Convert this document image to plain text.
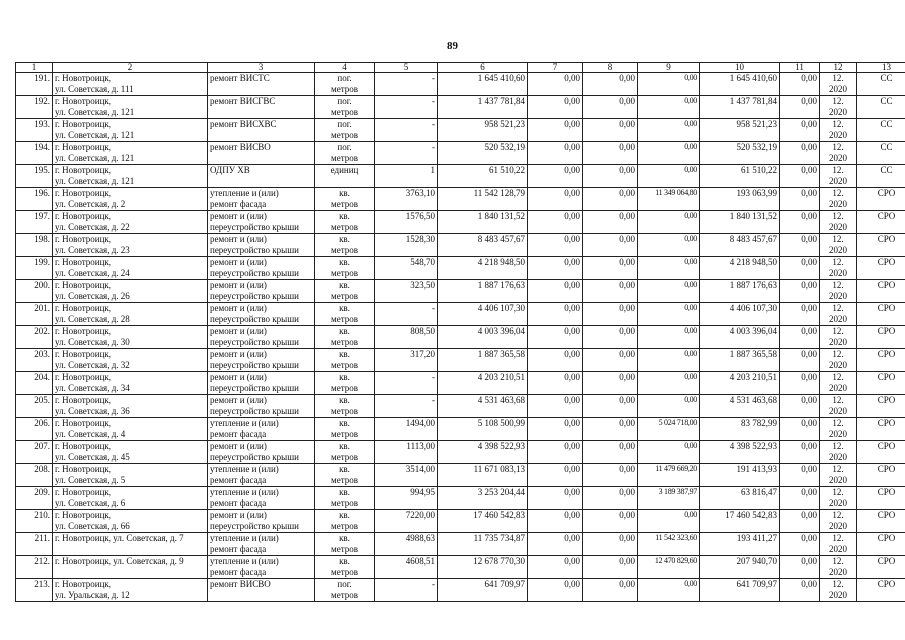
89
1	2	3	4	5	6	7	8	9	10	11	12	13
191.	г. Новотроицк,
ул. Советская, д. 111	ремонт ВИСТС	пог.
метров	-	1 645 410,60	0,00	0,00	0,00	1 645 410,60	0,00	12.
2020	СС
192.	г. Новотроицк,
ул. Советская, д. 121	ремонт ВИСГВС	пог.
метров	-	1 437 781,84	0,00	0,00	0,00	1 437 781,84	0,00	12.
2020	СС
193.	г. Новотроицк,
ул. Советская, д. 121	ремонт ВИСХВС	пог.
метров	-	958 521,23	0,00	0,00	0,00	958 521,23	0,00	12.
2020	СС
194.	г. Новотроицк,
ул. Советская, д. 121	ремонт ВИСВО	пог.
метров	-	520 532,19	0,00	0,00	0,00	520 532,19	0,00	12.
2020	СС
195.	г. Новотроицк,
ул. Советская, д. 121	ОДПУ ХВ	единиц	1	61 510,22	0,00	0,00	0,00	61 510,22	0,00	12.
2020	СС
196.	г. Новотроицк,
ул. Советская, д. 2	утепление и (или)
ремонт фасада	кв.
метров	3763,10	11 542 128,79	0,00	0,00	11 349 064,80	193 063,99	0,00	12.
2020	СРО
197.	г. Новотроицк,
ул. Советская, д. 22	ремонт и (или)
переустройство крыши	кв.
метров	1576,50	1 840 131,52	0,00	0,00	0,00	1 840 131,52	0,00	12.
2020	СРО
198.	г. Новотроицк,
ул. Советская, д. 23	ремонт и (или)
переустройство крыши	кв.
метров	1528,30	8 483 457,67	0,00	0,00	0,00	8 483 457,67	0,00	12.
2020	СРО
199.	г. Новотроицк,
ул. Советская, д. 24	ремонт и (или)
переустройство крыши	кв.
метров	548,70	4 218 948,50	0,00	0,00	0,00	4 218 948,50	0,00	12.
2020	СРО
200.	г. Новотроицк,
ул. Советская, д. 26	ремонт и (или)
переустройство крыши	кв.
метров	323,50	1 887 176,63	0,00	0,00	0,00	1 887 176,63	0,00	12.
2020	СРО
201.	г. Новотроицк,
ул. Советская, д. 28	ремонт и (или)
переустройство крыши	кв.
метров	-	4 406 107,30	0,00	0,00	0,00	4 406 107,30	0,00	12.
2020	СРО
202.	г. Новотроицк,
ул. Советская, д. 30	ремонт и (или)
переустройство крыши	кв.
метров	808,50	4 003 396,04	0,00	0,00	0,00	4 003 396,04	0,00	12.
2020	СРО
203.	г. Новотроицк,
ул. Советская, д. 32	ремонт и (или)
переустройство крыши	кв.
метров	317,20	1 887 365,58	0,00	0,00	0,00	1 887 365,58	0,00	12.
2020	СРО
204.	г. Новотроицк,
ул. Советская, д. 34	ремонт и (или)
переустройство крыши	кв.
метров	-	4 203 210,51	0,00	0,00	0,00	4 203 210,51	0,00	12.
2020	СРО
205.	г. Новотроицк,
ул. Советская, д. 36	ремонт и (или)
переустройство крыши	кв.
метров	-	4 531 463,68	0,00	0,00	0,00	4 531 463,68	0,00	12.
2020	СРО
206.	г. Новотроицк,
ул. Советская, д. 4	утепление и (или)
ремонт фасада	кв.
метров	1494,00	5 108 500,99	0,00	0,00	5 024 718,00	83 782,99	0,00	12.
2020	СРО
207.	г. Новотроицк,
ул. Советская, д. 45	ремонт и (или)
переустройство крыши	кв.
метров	1113,00	4 398 522,93	0,00	0,00	0,00	4 398 522,93	0,00	12.
2020	СРО
208.	г. Новотроицк,
ул. Советская, д. 5	утепление и (или)
ремонт фасада	кв.
метров	3514,00	11 671 083,13	0,00	0,00	11 479 669,20	191 413,93	0,00	12.
2020	СРО
209.	г. Новотроицк,
ул. Советская, д. 6	утепление и (или)
ремонт фасада	кв.
метров	994,95	3 253 204,44	0,00	0,00	3 189 387,97	63 816,47	0,00	12.
2020	СРО
210.	г. Новотроицк,
ул. Советская, д. 66	ремонт и (или)
переустройство крыши	кв.
метров	7220,00	17 460 542,83	0,00	0,00	0,00	17 460 542,83	0,00	12.
2020	СРО
211.	г. Новотроицк, ул. Советская, д. 7	утепление и (или)
ремонт фасада	кв.
метров	4988,63	11 735 734,87	0,00	0,00	11 542 323,60	193 411,27	0,00	12.
2020	СРО
212.	г. Новотроицк, ул. Советская, д. 9	утепление и (или)
ремонт фасада	кв.
метров	4608,51	12 678 770,30	0,00	0,00	12 470 829,60	207 940,70	0,00	12.
2020	СРО
213.	г. Новотроицк,
ул. Уральская, д. 12	ремонт ВИСВО	пог.
метров	-	641 709,97	0,00	0,00	0,00	641 709,97	0,00	12.
2020	СРО
